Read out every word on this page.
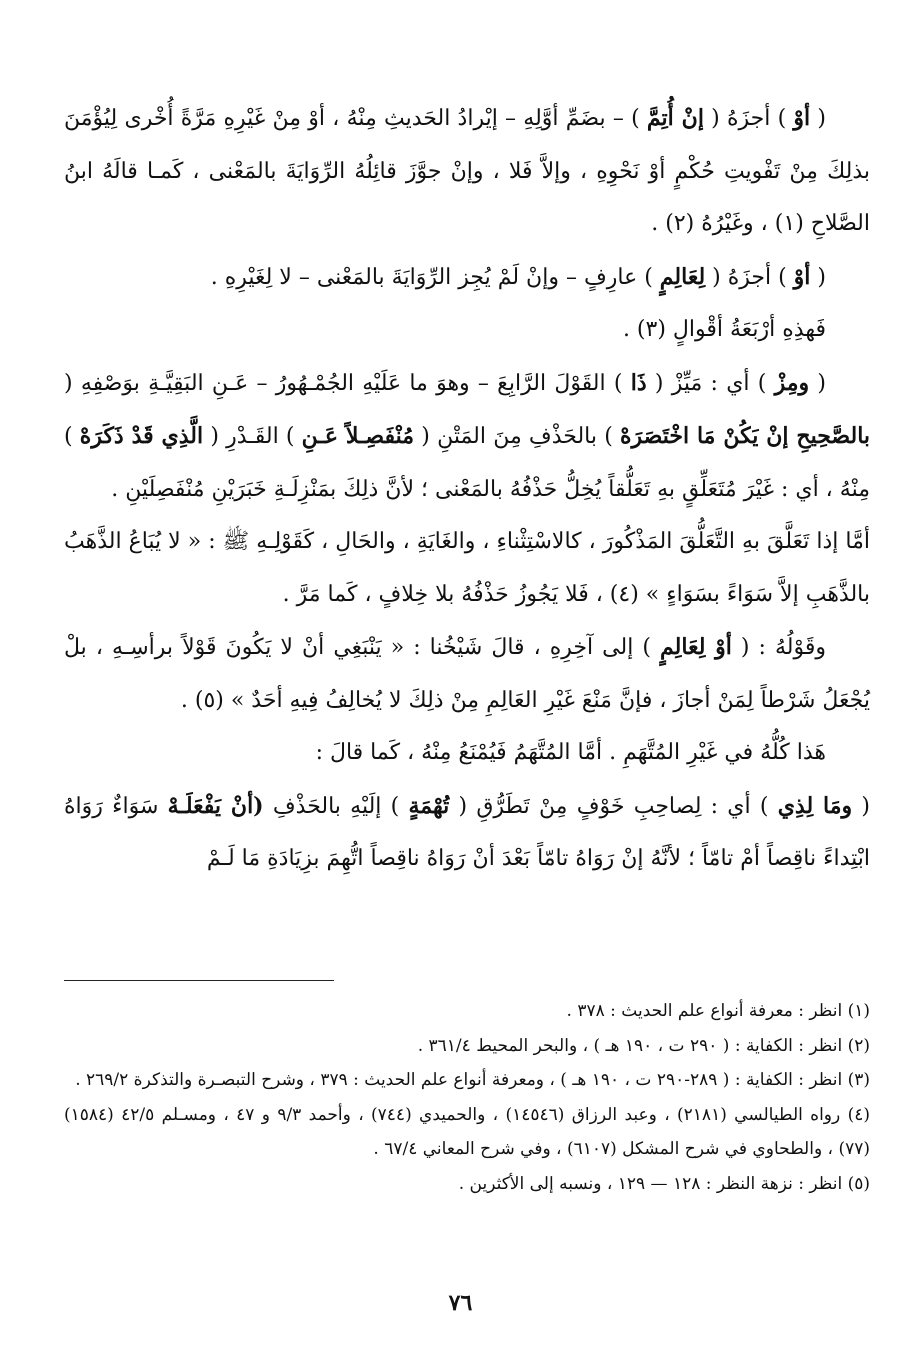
( أوْ ) أجزَهُ ( إنْ أُتِمَّ ) – بضَمِّ أوَّلِهِ – إيْرادُ الحَديثِ مِنْهُ ، أوْ مِنْ غَيْرِهِ مَرَّةً أُخْرى لِيُؤْمَنَ بذلِكَ مِنْ تَفْويتِ حُكْمٍ أوْ نَحْوِهِ ، وإلاَّ فَلا ، وإنْ جوَّزَ قائِلُهُ الرِّوَايَةَ بالمَعْنى ، كَمـا قالَهُ ابنُ الصَّلاحِ (١) ، وغَيْرُهُ (٢) .

( أوْ ) أجزَهُ ( لِعَالِمٍ ) عارِفٍ – وإنْ لَمْ يُجِز الرِّوَايَةَ بالمَعْنى – لا لِغَيْرِهِ .

فَهذِهِ أرْبَعَةُ أقْوالٍ (٣) .

( ومِزْ ) أي : مَيِّزْ ( ذَا ) القَوْلَ الرَّابِعَ – وهوَ ما عَلَيْهِ الجُمْـهُورُ – عَـنِ البَقِيَّـةِ بوَصْفِهِ ( بالصَّحِيحِ إنْ يَكُنْ مَا اخْتَصَرَهْ ) بالحَذْفِ مِنَ المَتْنِ ( مُنْفَصِـلاً عَـنِ ) القَـدْرِ ( الَّذِي قَدْ ذَكَرَهْ ) مِنْهُ ، أي : غَيْرَ مُتَعَلِّقٍ بهِ تَعَلُّقاً يُخِلُّ حَذْفُهُ بالمَعْنى ؛ لأنَّ ذلِكَ بمَنْزِلَـةِ خَبَرَيْنِ مُنْفَصِلَيْنِ .

أمَّا إذا تَعَلَّقَ بهِ التَّعَلُّقَ المَذْكُورَ ، كالاسْتِثْناءِ ، والغَايَةِ ، والحَالِ ، كَقَوْلِـهِ ﷺ : « لا يُبَاعُ الذَّهَبُ بالذَّهَبِ إلاَّ سَوَاءً بسَوَاءٍ » (٤) ، فَلا يَجُوزُ حَذْفُهُ بلا خِلافٍ ، كَما مَرَّ .

وقَوْلُهُ : ( أوْ لِعَالِمٍ ) إلى آخِرِهِ ، قالَ شَيْخُنا : « يَنْبَغِي أنْ لا يَكُونَ قَوْلاً برأسِـهِ ، بلْ يُجْعَلُ شَرْطاً لِمَنْ أجازَ ، فإنَّ مَنْعَ غَيْرِ العَالِمِ مِنْ ذلِكَ لا يُخالِفُ فِيهِ أحَدٌ » (٥) .

هَذا كُلُّهُ في غَيْرِ المُتَّهَمِ . أمَّا المُتَّهَمُ فَيُمْنَعُ مِنْهُ ، كَما قالَ :

( ومَا لِذِي ) أي : لِصاحِبِ خَوْفٍ مِنْ تَطَرُّقِ ( تُهْمَةٍ ) إلَيْهِ بالحَذْفِ (أنْ يَفْعَلَـهْ سَوَاءٌ رَوَاهُ ابْتِداءً ناقِصاً أمْ تامّاً ؛ لأنَّهُ إنْ رَوَاهُ تامّاً بَعْدَ أنْ رَوَاهُ ناقِصاً اتُّهِمَ بزِيَادَةِ مَا لَـمْ

(١) انظر : معرفة أنواع علم الحديث : ٣٧٨ .

(٢) انظر : الكفاية : ( ٢٩٠ ت ، ١٩٠ هـ ) ، والبحر المحيط ٣٦١/٤ .

(٣) انظر : الكفاية : ( ٢٨٩-٢٩٠ ت ، ١٩٠ هـ ) ، ومعرفة أنواع علم الحديث : ٣٧٩ ، وشرح التبصـرة والتذكرة ٢٦٩/٢ .

(٤) رواه الطيالسي (٢١٨١) ، وعبد الرزاق (١٤٥٤٦) ، والحميدي (٧٤٤) ، وأحمد ٩/٣ و ٤٧ ، ومسـلم ٤٢/٥ (١٥٨٤) (٧٧) ، والطحاوي في شرح المشكل (٦١٠٧) ، وفي شرح المعاني ٦٧/٤ .

(٥) انظر : نزهة النظر : ١٢٨ — ١٢٩ ، ونسبه إلى الأكثرين .

٧٦
